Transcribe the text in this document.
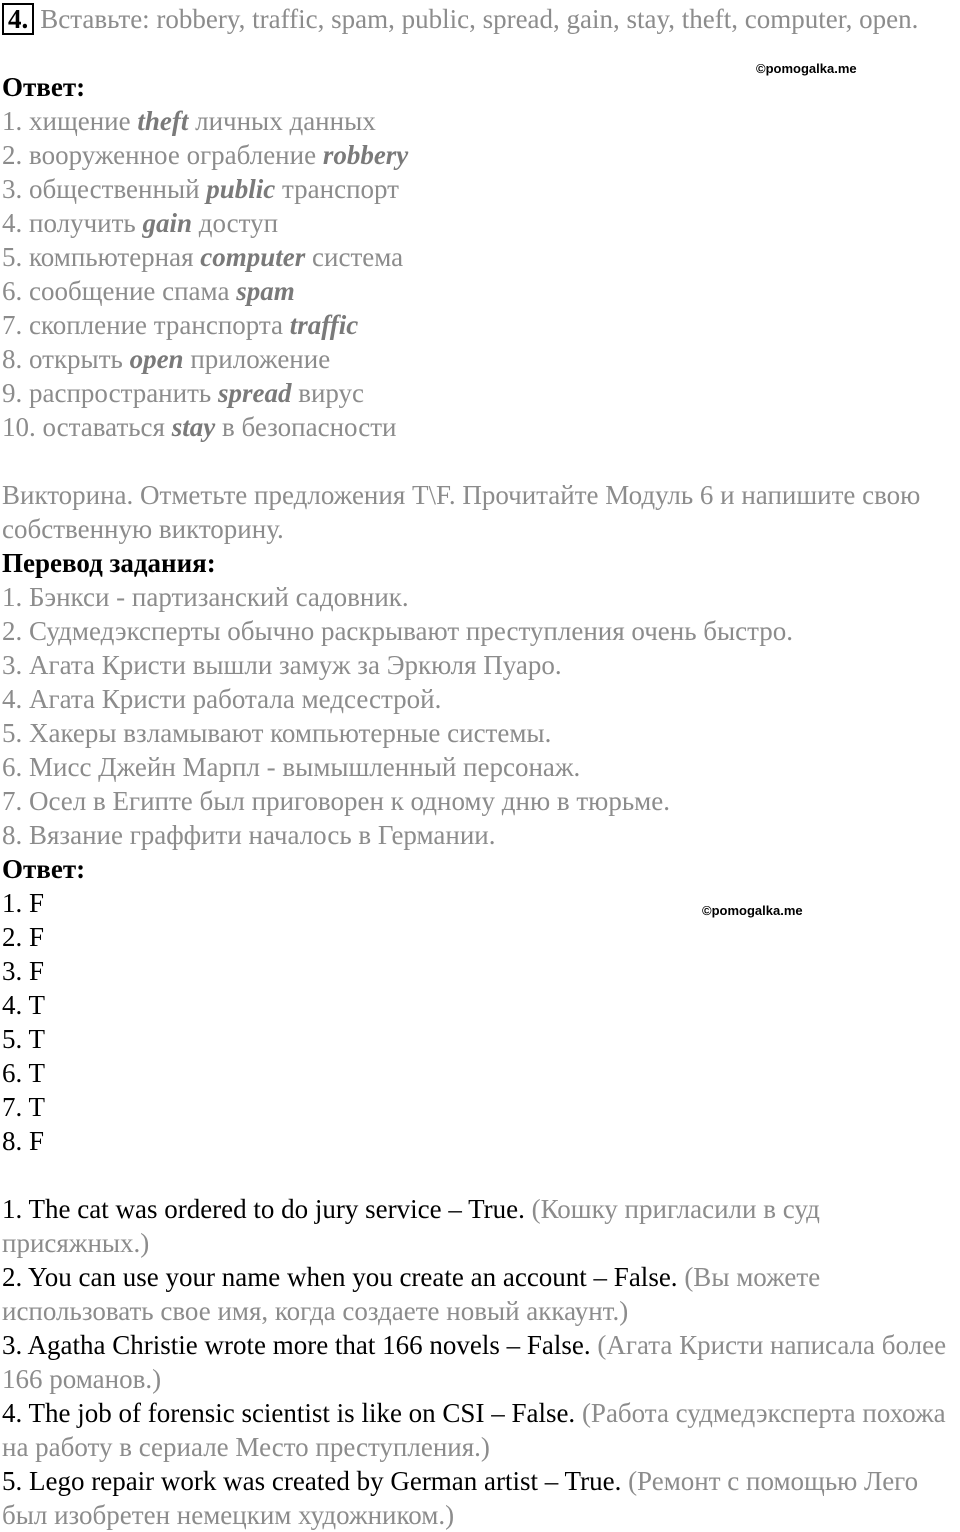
4. Вставьте: robbery, traffic, spam, public, spread, gain, stay, theft, computer, open.
Ответ:
1. хищение theft личных данных
2. вооруженное ограбление robbery
3. общественный public транспорт
4. получить gain доступ
5. компьютерная computer система
6. сообщение спама spam
7. скопление транспорта traffic
8. открыть open приложение
9. распространить spread вирус
10. оставаться stay в безопасности
Викторина. Отметьте предложения T\F. Прочитайте Модуль 6 и напишите свою собственную викторину.
Перевод задания:
1. Бэнкси - партизанский садовник.
2. Судмедэксперты обычно раскрывают преступления очень быстро.
3. Агата Кристи вышли замуж за Эркюля Пуаро.
4. Агата Кристи работала медсестрой.
5. Хакеры взламывают компьютерные системы.
6. Мисс Джейн Марпл - вымышленный персонаж.
7. Осел в Египте был приговорен к одному дню в тюрьме.
8. Вязание граффити началось в Германии.
Ответ:
1. F
2. F
3. F
4. T
5. T
6. T
7. T
8. F
1. The cat was ordered to do jury service – True. (Кошку пригласили в суд присяжных.)
2. You can use your name when you create an account – False. (Вы можете использовать свое имя, когда создаете новый аккаунт.)
3. Agatha Christie wrote more that 166 novels – False. (Агата Кристи написала более 166 романов.)
4. The job of forensic scientist is like on CSI – False. (Работа судмедэксперта похожа на работу в сериале Место преступления.)
5. Lego repair work was created by German artist – True. (Ремонт с помощью Лего был изобретен немецким художником.)
©pomogalka.me
©pomogalka.me
